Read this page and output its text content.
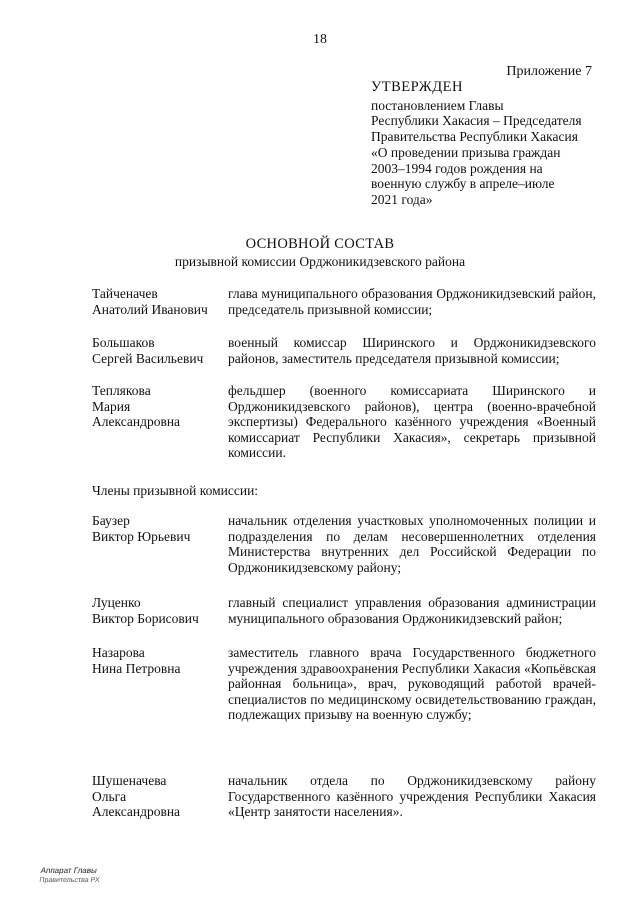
18
Приложение 7
УТВЕРЖДЕН
постановлением Главы
Республики Хакасия – Председателя
Правительства Республики Хакасия
«О проведении призыва граждан
2003–1994 годов рождения на
военную службу в апреле–июле
2021 года»
ОСНОВНОЙ СОСТАВ
призывной комиссии Орджоникидзевского района
Тайченачев
Анатолий Иванович
глава муниципального образования Орджоникидзевский район, председатель призывной комиссии;
Большаков
Сергей Васильевич
военный комиссар Ширинского и Орджоникидзевского районов, заместитель председателя призывной комиссии;
Теплякова
Мария
Александровна
фельдшер (военного комиссариата Ширинского и Орджоникидзевского районов), центра (военно-врачебной экспертизы) Федерального казённого учреждения «Военный комиссариат Республики Хакасия», секретарь призывной комиссии.
Члены призывной комиссии:
Баузер
Виктор Юрьевич
начальник отделения участковых уполномоченных полиции и подразделения по делам несовершеннолетних отделения Министерства внутренних дел Российской Федерации по Орджоникидзевскому району;
Луценко
Виктор Борисович
главный специалист управления образования администрации муниципального образования Орджоникидзевский район;
Назарова
Нина Петровна
заместитель главного врача Государственного бюджетного учреждения здравоохранения Республики Хакасия «Копьёвская районная больница», врач, руководящий работой врачей-специалистов по медицинскому освидетельствованию граждан, подлежащих призыву на военную службу;
Шушеначева
Ольга
Александровна
начальник отдела по Орджоникидзевскому району Государственного казённого учреждения Республики Хакасия «Центр занятости населения».
Аппарат Главы
Правительства РХ
